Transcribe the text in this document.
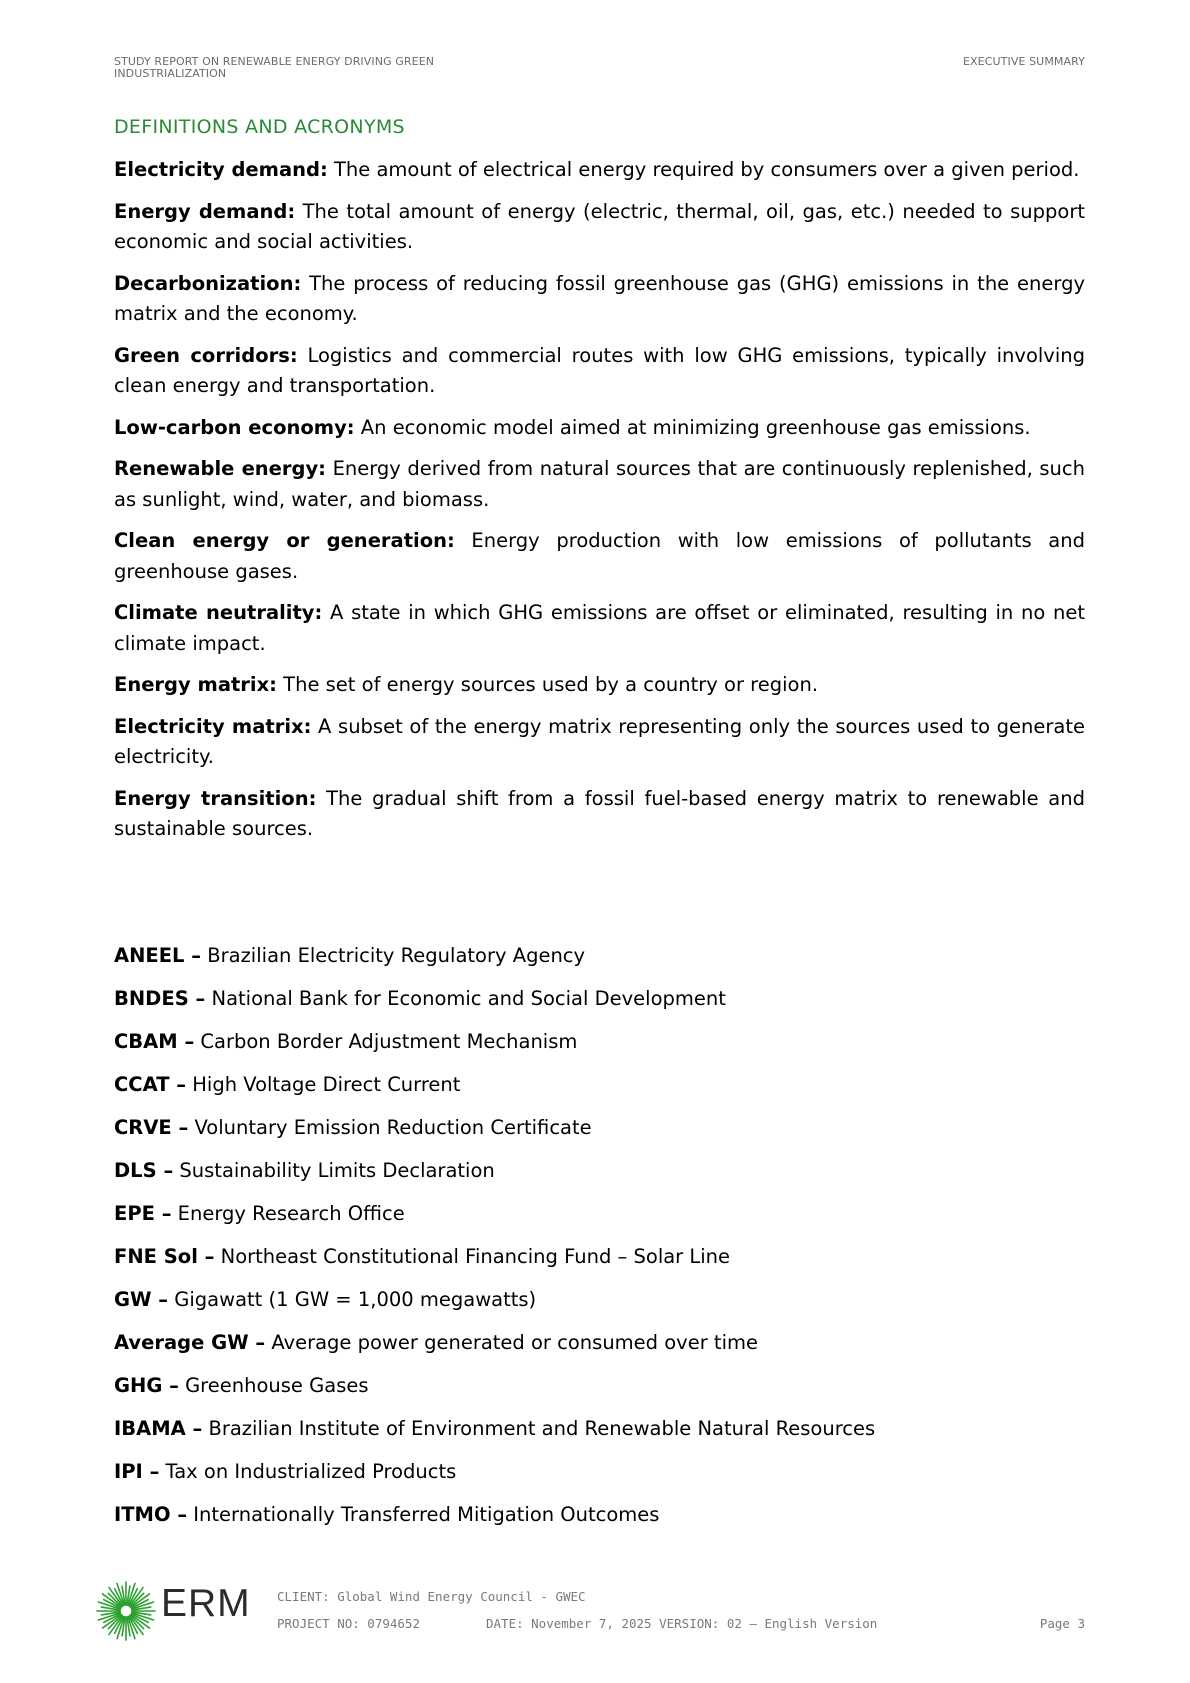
STUDY REPORT ON RENEWABLE ENERGY DRIVING GREEN INDUSTRIALIZATION
EXECUTIVE SUMMARY
DEFINITIONS AND ACRONYMS

Electricity demand: The amount of electrical energy required by consumers over a given period.

Energy demand: The total amount of energy (electric, thermal, oil, gas, etc.) needed to support economic and social activities.

Decarbonization: The process of reducing fossil greenhouse gas (GHG) emissions in the energy matrix and the economy.

Green corridors: Logistics and commercial routes with low GHG emissions, typically involving clean energy and transportation.

Low-carbon economy: An economic model aimed at minimizing greenhouse gas emissions.

Renewable energy: Energy derived from natural sources that are continuously replenished, such as sunlight, wind, water, and biomass.

Clean energy or generation: Energy production with low emissions of pollutants and greenhouse gases.

Climate neutrality: A state in which GHG emissions are offset or eliminated, resulting in no net climate impact.

Energy matrix: The set of energy sources used by a country or region.

Electricity matrix: A subset of the energy matrix representing only the sources used to generate electricity.

Energy transition: The gradual shift from a fossil fuel-based energy matrix to renewable and sustainable sources.

ANEEL – Brazilian Electricity Regulatory Agency
BNDES – National Bank for Economic and Social Development
CBAM – Carbon Border Adjustment Mechanism
CCAT – High Voltage Direct Current
CRVE – Voluntary Emission Reduction Certificate
DLS – Sustainability Limits Declaration
EPE – Energy Research Office
FNE Sol – Northeast Constitutional Financing Fund – Solar Line
GW – Gigawatt (1 GW = 1,000 megawatts)
Average GW – Average power generated or consumed over time
GHG – Greenhouse Gases
IBAMA – Brazilian Institute of Environment and Renewable Natural Resources
IPI – Tax on Industrialized Products
ITMO – Internationally Transferred Mitigation Outcomes
ERM CLIENT: Global Wind Energy Council - GWEC
PROJECT NO: 0794652	DATE: November 7, 2025 VERSION: 02 – English Version	Page 3
